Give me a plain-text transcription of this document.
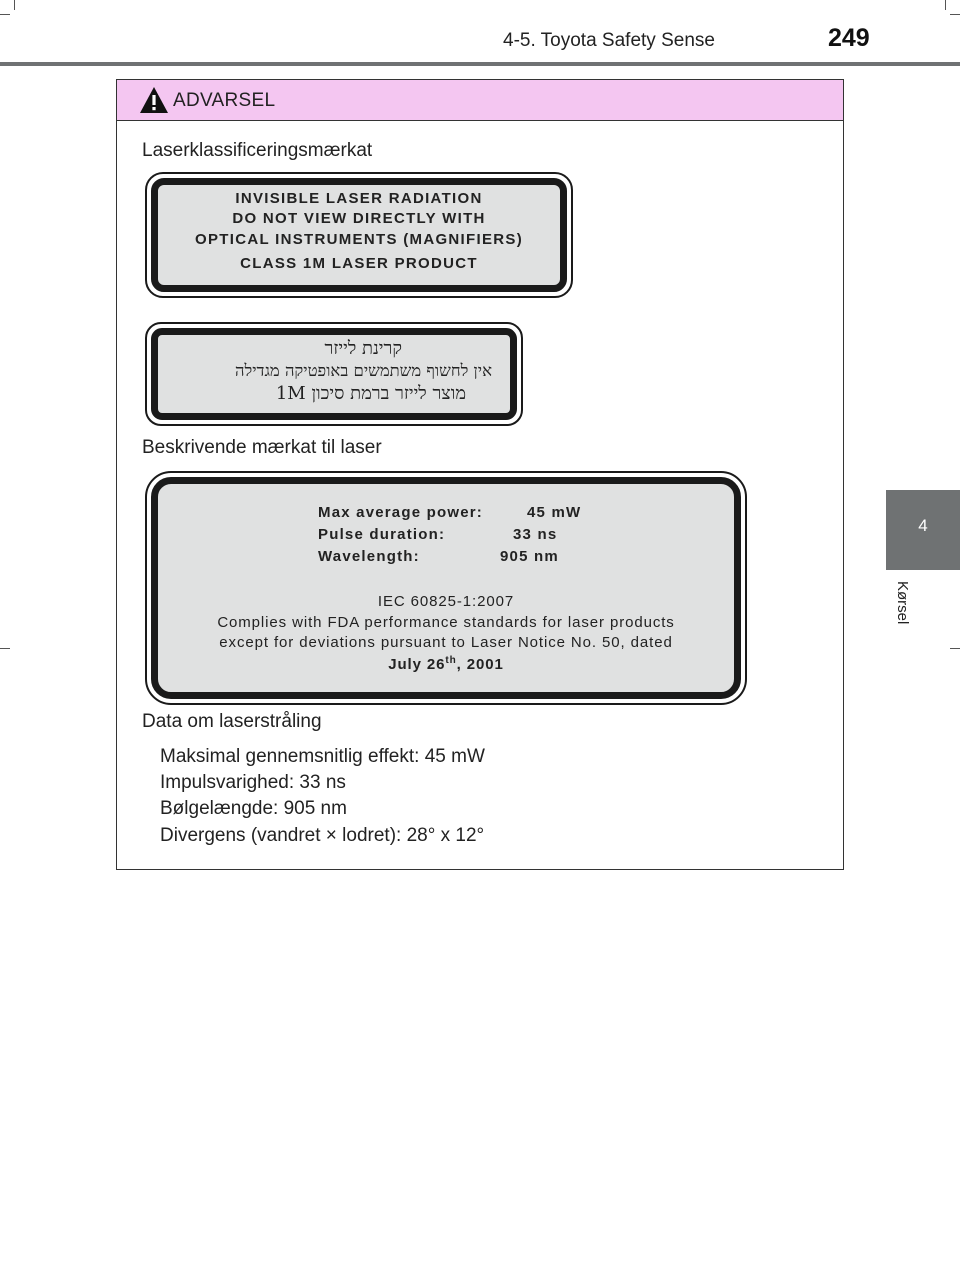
4-5. Toyota Safety Sense	249
4
Kørsel
ADVARSEL
Laserklassificeringsmærkat
INVISIBLE LASER RADIATION
DO NOT VIEW DIRECTLY WITH
OPTICAL INSTRUMENTS (MAGNIFIERS)
CLASS 1M LASER PRODUCT
קרינת לייזר
אין לחשוף משתמשים באופטיקה מגדילה
מוצר לייזר ברמת סיכון 1M
Beskrivende mærkat til laser
Max average power:	45 mW
Pulse duration:	33 ns
Wavelength:	905 nm
IEC 60825-1:2007
Complies with FDA performance standards for laser products
except for deviations pursuant to Laser Notice No. 50, dated
July 26th, 2001
Data om laserstråling
Maksimal gennemsnitlig effekt: 45 mW
Impulsvarighed: 33 ns
Bølgelængde: 905 nm
Divergens (vandret × lodret): 28° x 12°
